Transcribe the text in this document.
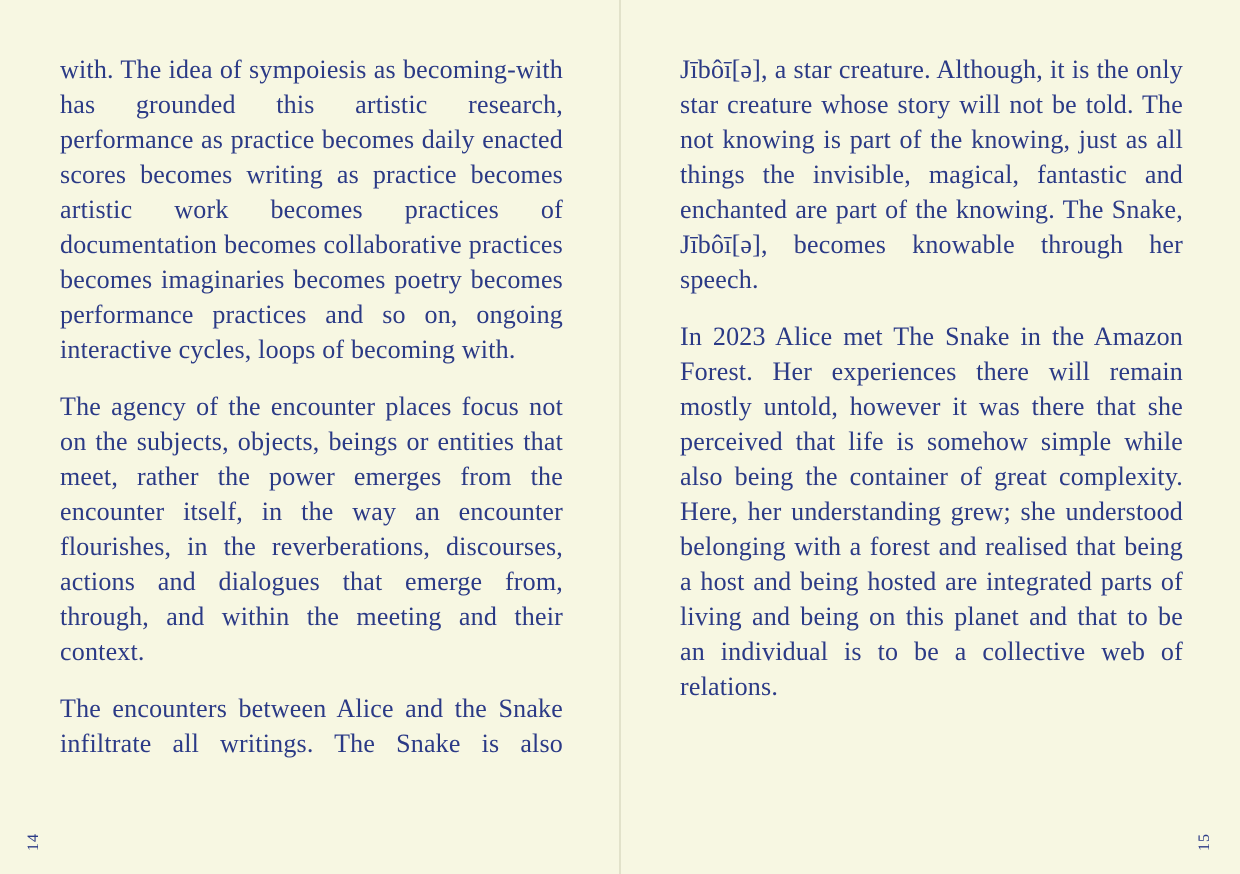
with. The idea of sympoiesis as becoming-with has grounded this artistic research, performance as practice becomes daily enacted scores becomes writing as practice becomes artistic work becomes practices of documentation becomes collaborative practices becomes imaginaries becomes poetry becomes performance practices and so on, ongoing interactive cycles, loops of becoming with.

The agency of the encounter places focus not on the subjects, objects, beings or entities that meet, rather the power emerges from the encounter itself, in the way an encounter flourishes, in the reverberations, discourses, actions and dialogues that emerge from, through, and within the meeting and their context.

The encounters between Alice and the Snake infiltrate all writings. The Snake is also

Jībôī[ə], a star creature. Although, it is the only star creature whose story will not be told. The not knowing is part of the knowing, just as all things the invisible, magical, fantastic and enchanted are part of the knowing. The Snake, Jībôī[ə], becomes knowable through her speech.

In 2023 Alice met The Snake in the Amazon Forest. Her experiences there will remain mostly untold, however it was there that she perceived that life is somehow simple while also being the container of great complexity. Here, her understanding grew; she understood belonging with a forest and realised that being a host and being hosted are integrated parts of living and being on this planet and that to be an individual is to be a collective web of relations.

14	15
